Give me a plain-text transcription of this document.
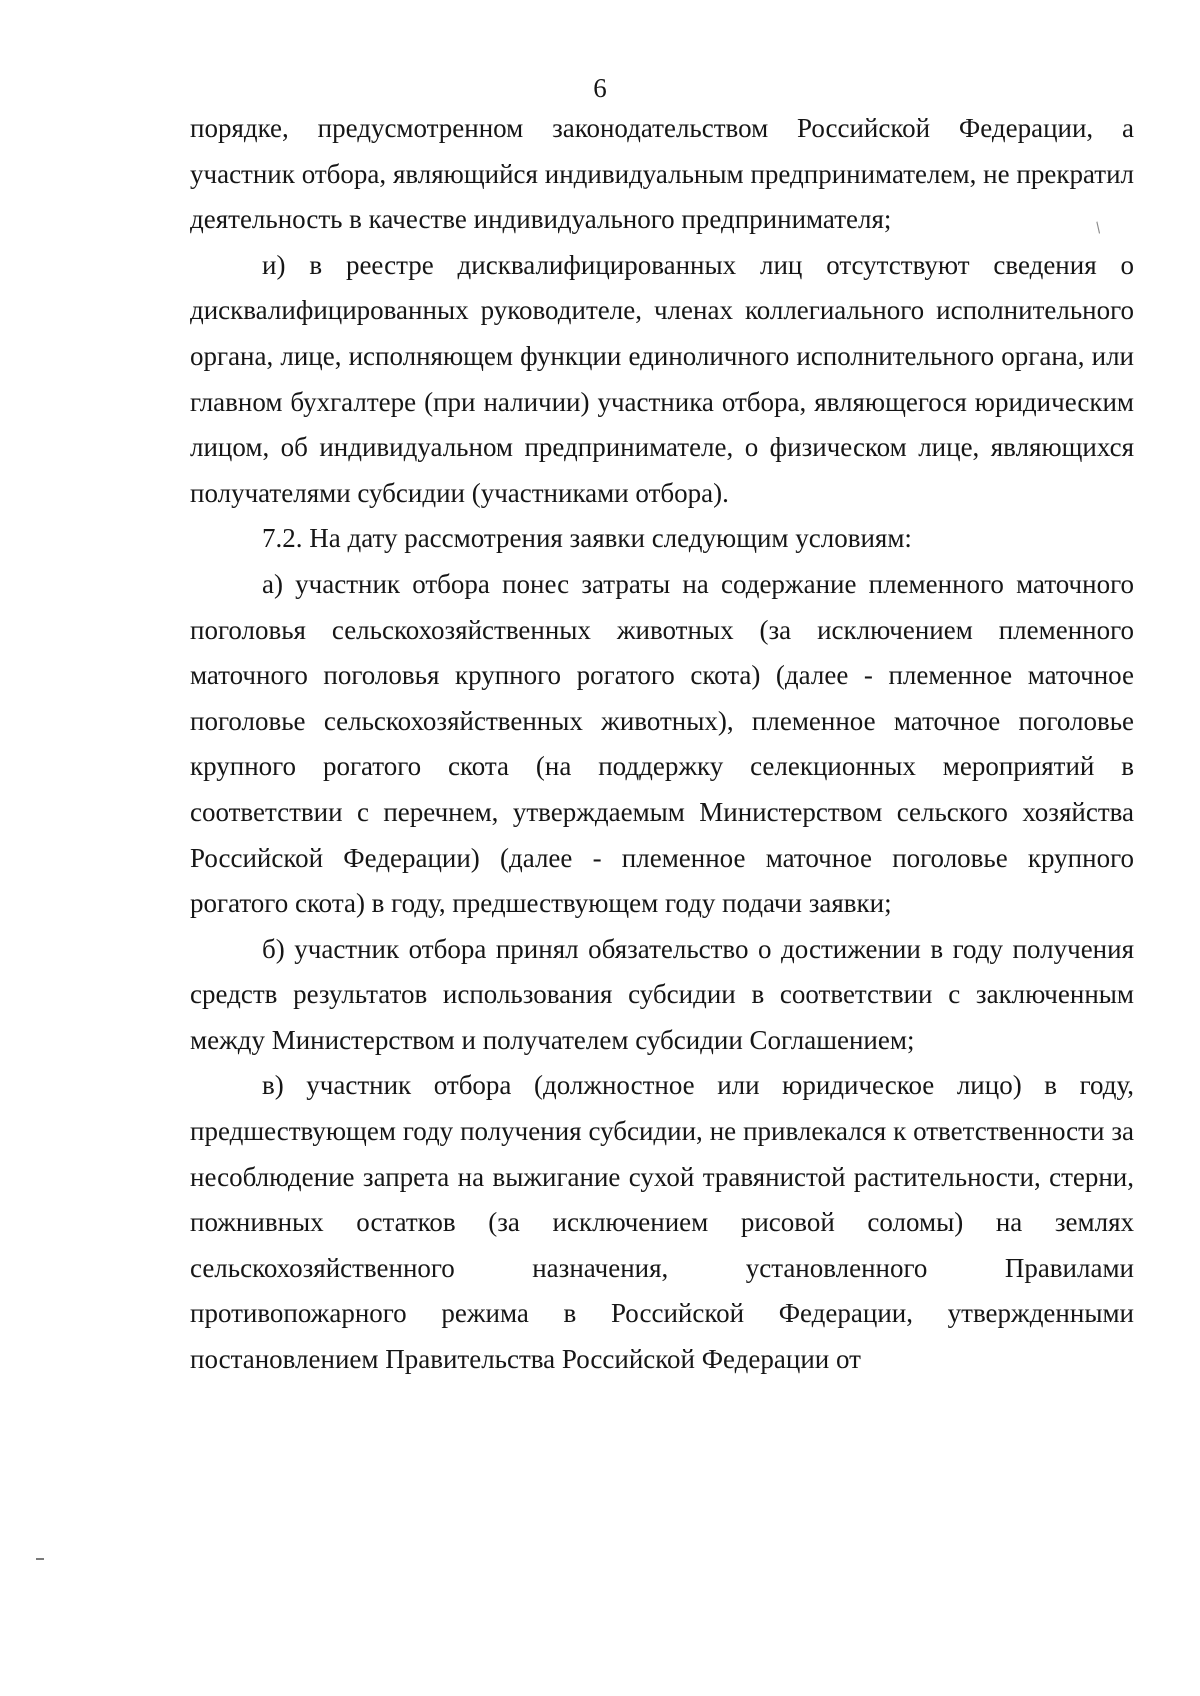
6

порядке, предусмотренном законодательством Российской Федерации, а участник отбора, являющийся индивидуальным предпринимателем, не прекратил деятельность в качестве индивидуального предпринимателя;

и) в реестре дисквалифицированных лиц отсутствуют сведения о дисквалифицированных руководителе, членах коллегиального исполнительного органа, лице, исполняющем функции единоличного исполнительного органа, или главном бухгалтере (при наличии) участника отбора, являющегося юридическим лицом, об индивидуальном предпринимателе, о физическом лице, являющихся получателями субсидии (участниками отбора).

7.2. На дату рассмотрения заявки следующим условиям:

а) участник отбора понес затраты на содержание племенного маточного поголовья сельскохозяйственных животных (за исключением племенного маточного поголовья крупного рогатого скота) (далее - племенное маточное поголовье сельскохозяйственных животных), племенное маточное поголовье крупного рогатого скота (на поддержку селекционных мероприятий в соответствии с перечнем, утверждаемым Министерством сельского хозяйства Российской Федерации) (далее - племенное маточное поголовье крупного рогатого скота) в году, предшествующем году подачи заявки;

б) участник отбора принял обязательство о достижении в году получения средств результатов использования субсидии в соответствии с заключенным между Министерством и получателем субсидии Соглашением;

в) участник отбора (должностное или юридическое лицо) в году, предшествующем году получения субсидии, не привлекался к ответственности за несоблюдение запрета на выжигание сухой травянистой растительности, стерни, пожнивных остатков (за исключением рисовой соломы) на землях сельскохозяйственного назначения, установленного Правилами противопожарного режима в Российской Федерации, утвержденными постановлением Правительства Российской Федерации от

/
